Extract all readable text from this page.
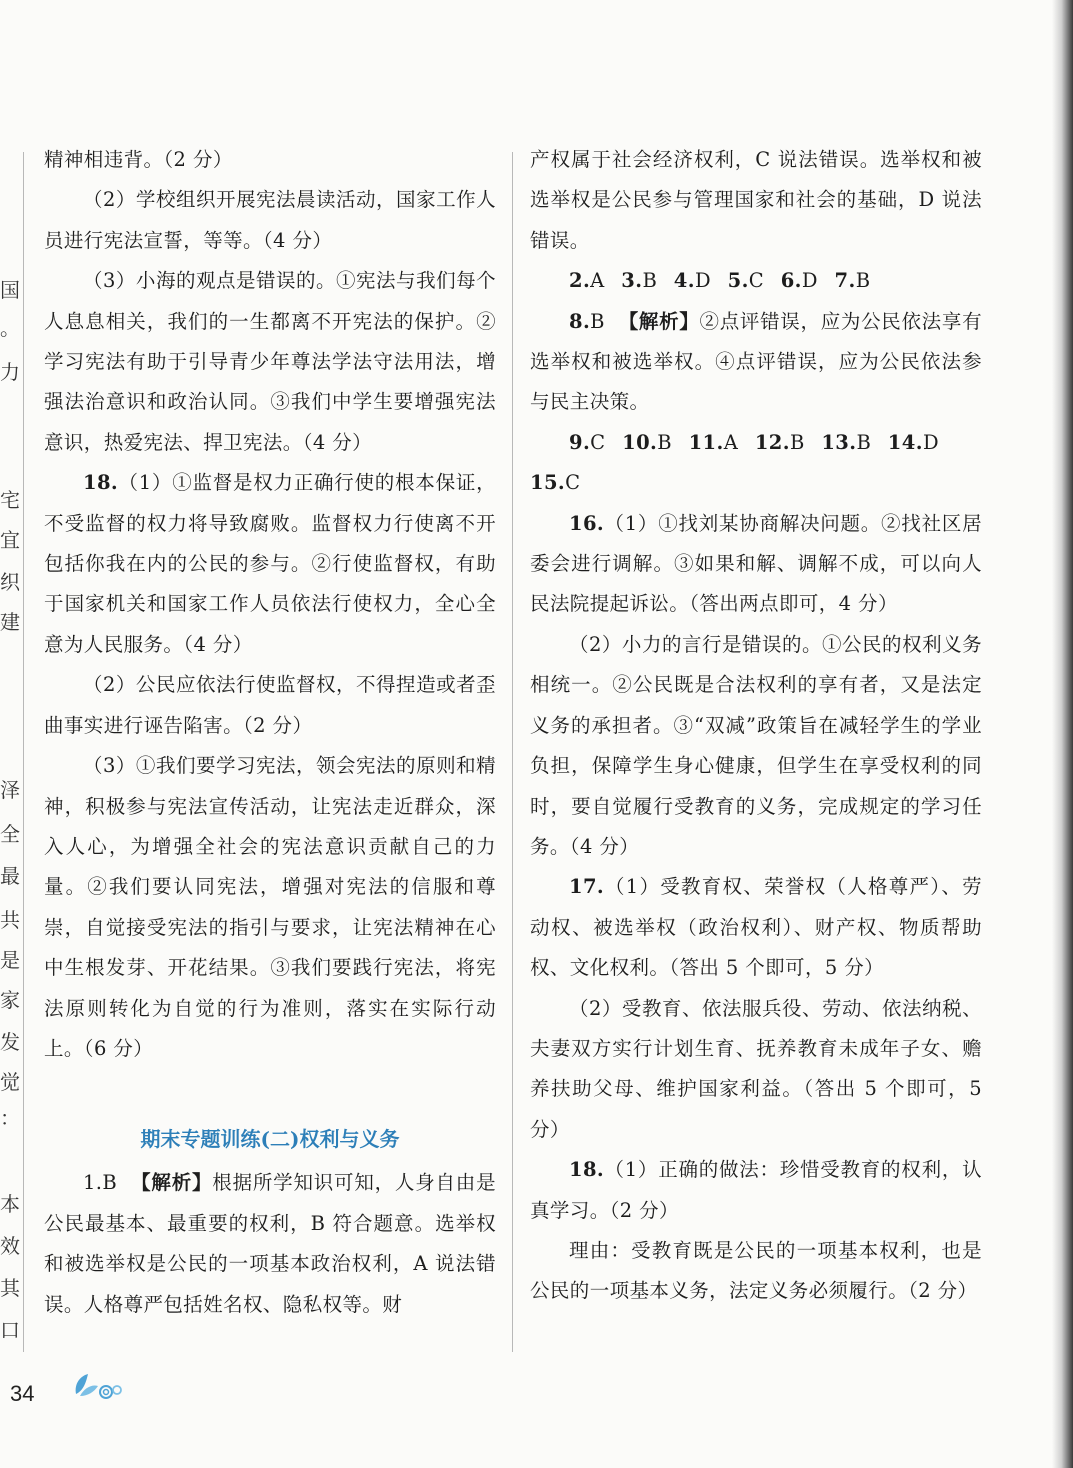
国
。
力
宅
宜
织
建
泽
全
最
共
是
家
发
觉
：
本
效
其
口

精神相违背。（2 分）

（2）学校组织开展宪法晨读活动，国家工作人员进行宪法宣誓，等等。（4 分）

（3）小海的观点是错误的。①宪法与我们每个人息息相关，我们的一生都离不开宪法的保护。②学习宪法有助于引导青少年尊法学法守法用法，增强法治意识和政治认同。③我们中学生要增强宪法意识，热爱宪法、捍卫宪法。（4 分）

18.（1）①监督是权力正确行使的根本保证，不受监督的权力将导致腐败。监督权力行使离不开包括你我在内的公民的参与。②行使监督权，有助于国家机关和国家工作人员依法行使权力，全心全意为人民服务。（4 分）

（2）公民应依法行使监督权，不得捏造或者歪曲事实进行诬告陷害。（2 分）

（3）①我们要学习宪法，领会宪法的原则和精神，积极参与宪法宣传活动，让宪法走近群众，深入人心，为增强全社会的宪法意识贡献自己的力量。②我们要认同宪法，增强对宪法的信服和尊崇，自觉接受宪法的指引与要求，让宪法精神在心中生根发芽、开花结果。③我们要践行宪法，将宪法原则转化为自觉的行为准则，落实在实际行动上。（6 分）

期末专题训练(二)权利与义务

1.B 【解析】根据所学知识可知，人身自由是公民最基本、最重要的权利，B 符合题意。选举权和被选举权是公民的一项基本政治权利，A 说法错误。人格尊严包括姓名权、隐私权等。财

产权属于社会经济权利，C 说法错误。选举权和被选举权是公民参与管理国家和社会的基础，D 说法错误。

2.A 3.B 4.D 5.C 6.D 7.B

8.B 【解析】②点评错误，应为公民依法享有选举权和被选举权。④点评错误，应为公民依法参与民主决策。

9.C 10.B 11.A 12.B 13.B 14.D

15.C

16.（1）①找刘某协商解决问题。②找社区居委会进行调解。③如果和解、调解不成，可以向人民法院提起诉讼。（答出两点即可，4 分）

（2）小力的言行是错误的。①公民的权利义务相统一。②公民既是合法权利的享有者，又是法定义务的承担者。③“双减”政策旨在减轻学生的学业负担，保障学生身心健康，但学生在享受权利的同时，要自觉履行受教育的义务，完成规定的学习任务。（4 分）

17.（1）受教育权、荣誉权（人格尊严）、劳动权、被选举权（政治权利）、财产权、物质帮助权、文化权利。（答出 5 个即可，5 分）

（2）受教育、依法服兵役、劳动、依法纳税、夫妻双方实行计划生育、抚养教育未成年子女、赡养扶助父母、维护国家利益。（答出 5 个即可，5 分）

18.（1）正确的做法：珍惜受教育的权利，认真学习。（2 分）

理由：受教育既是公民的一项基本权利，也是公民的一项基本义务，法定义务必须履行。（2 分）

34
